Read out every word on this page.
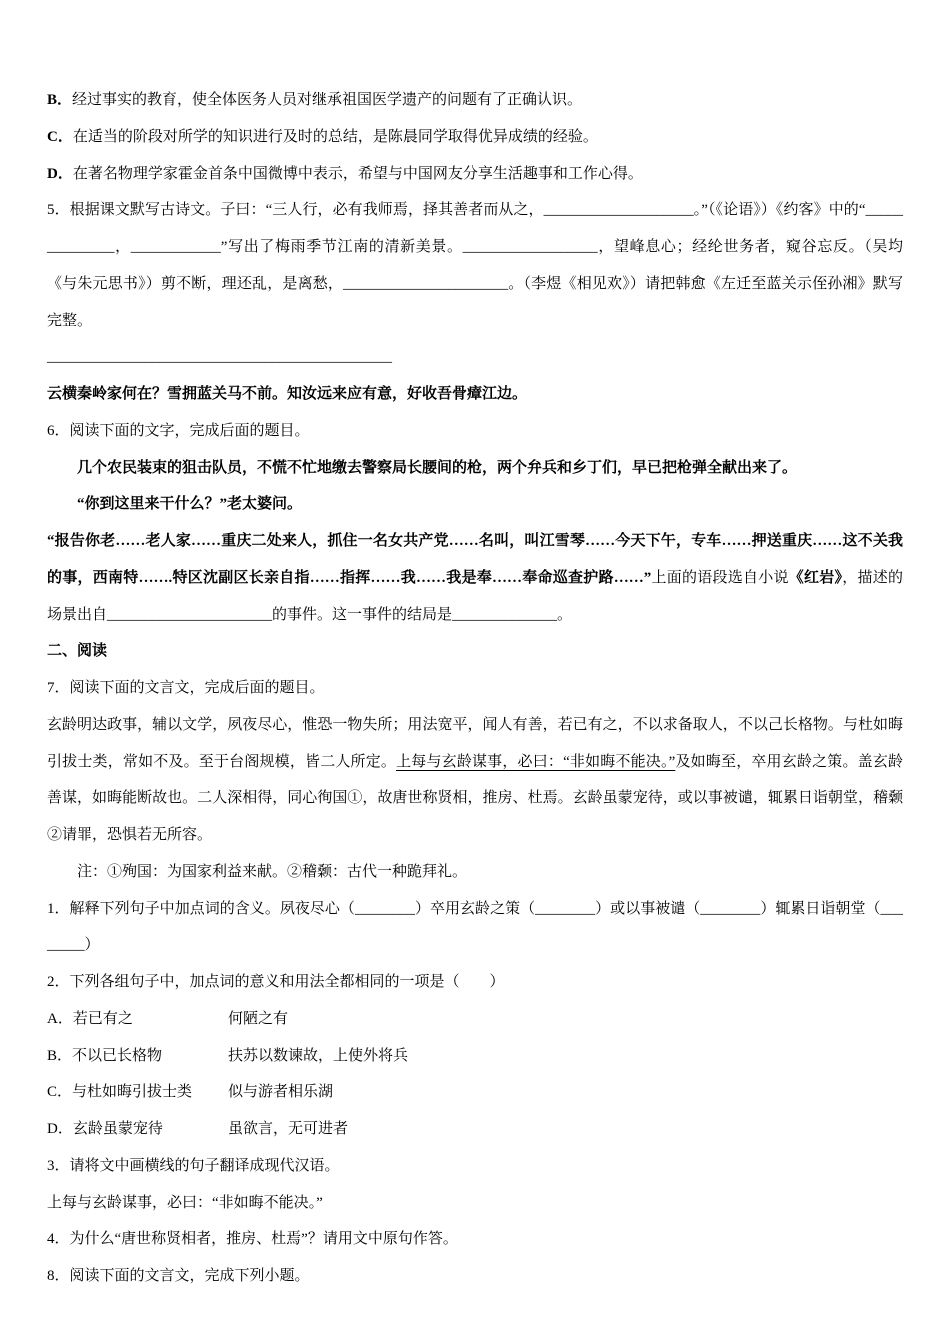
B．经过事实的教育，使全体医务人员对继承祖国医学遗产的问题有了正确认识。
C．在适当的阶段对所学的知识进行及时的总结，是陈晨同学取得优异成绩的经验。
D．在著名物理学家霍金首条中国微博中表示，希望与中国网友分享生活趣事和工作心得。
5．根据课文默写古诗文。子曰：“三人行，必有我师焉，择其善者而从之，____________________。”（《论语》）《约客》中的“______________，____________”写出了梅雨季节江南的清新美景。__________________，望峰息心；经纶世务者，窥谷忘反。（吴均《与朱元思书》）剪不断，理还乱，是离愁，______________________。（李煜《相见欢》）请把韩愈《左迁至蓝关示侄孙湘》默写完整。
______________________________________________
云横秦岭家何在？雪拥蓝关马不前。知汝远来应有意，好收吾骨瘴江边。
6．阅读下面的文字，完成后面的题目。
几个农民装束的狙击队员，不慌不忙地缴去警察局长腰间的枪，两个弁兵和乡丁们，早已把枪弹全献出来了。
“你到这里来干什么？”老太婆问。
“报告你老……老人家……重庆二处来人，抓住一名女共产党……名叫，叫江雪琴……今天下午，专车……押送重庆……这不关我的事，西南特…….特区沈副区长亲自指……指挥……我……我是奉……奉命巡查护路……”上面的语段选自小说《红岩》，描述的场景出自______________________的事件。这一事件的结局是______________。
二、阅读
7．阅读下面的文言文，完成后面的题目。
玄龄明达政事，辅以文学，夙夜尽心，惟恐一物失所；用法宽平，闻人有善，若已有之，不以求备取人，不以己长格物。与杜如晦引拔士类，常如不及。至于台阁规模，皆二人所定。上每与玄龄谋事，必曰：“非如晦不能决。”及如晦至，卒用玄龄之策。盖玄龄善谋，如晦能断故也。二人深相得，同心徇国①，故唐世称贤相，推房、杜焉。玄龄虽蒙宠待，或以事被谴，辄累日诣朝堂，稽颡②请罪，恐惧若无所容。
注：①殉国：为国家利益来献。②稽颡：古代一种跪拜礼。
1．解释下列句子中加点词的含义。夙夜尽心（________）卒用玄龄之策（________）或以事被谴（________）辄累日诣朝堂（________）
2．下列各组句子中，加点词的意义和用法全都相同的一项是（　　）
A．若已有之	何陋之有
B．不以已长格物	扶苏以数谏故，上使外将兵
C．与杜如晦引拔士类 似与游者相乐湖
D．玄龄虽蒙宠待	虽欲言，无可进者
3．请将文中画横线的句子翻译成现代汉语。
上每与玄龄谋事，必曰：“非如晦不能决。”
4．为什么“唐世称贤相者，推房、杜焉”？请用文中原句作答。
8．阅读下面的文言文，完成下列小题。
